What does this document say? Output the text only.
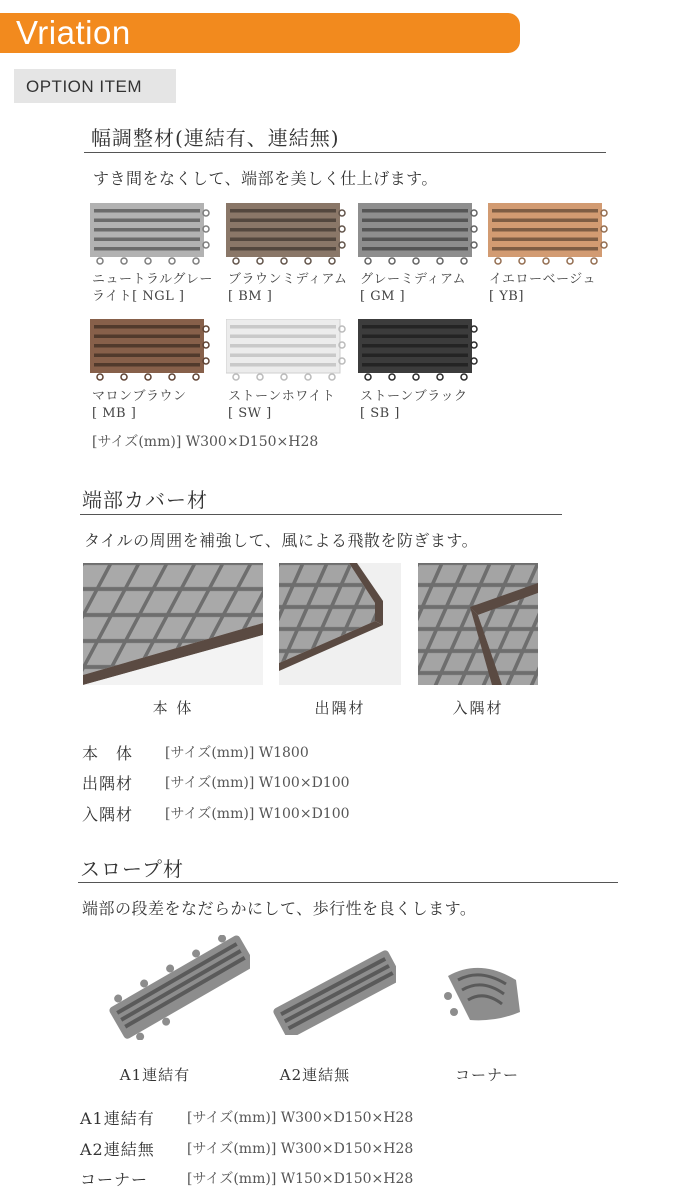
Vriation
OPTION ITEM
幅調整材(連結有、連結無)
すき間をなくして、端部を美しく仕上げます。
ニュートラルグレー
ライト[ NGL ]
ブラウンミディアム
[ BM ]
グレーミディアム
[ GM ]
イエローベージュ
[ YB]
マロンブラウン
[ MB ]
ストーンホワイト
[ SW ]
ストーンブラック
[ SB ]
[サイズ(mm)] W300×D150×H28
端部カバー材
タイルの周囲を補強して、風による飛散を防ぎます。
本 体	出隅材	入隅材
本　体 [サイズ(mm)] W1800
出隅材 [サイズ(mm)] W100×D100
入隅材 [サイズ(mm)] W100×D100
スロープ材
端部の段差をなだらかにして、歩行性を良くします。
A1連結有	A2連結無	コーナー
A1連結有 [サイズ(mm)] W300×D150×H28
A2連結無 [サイズ(mm)] W300×D150×H28
コーナー	[サイズ(mm)] W150×D150×H28
